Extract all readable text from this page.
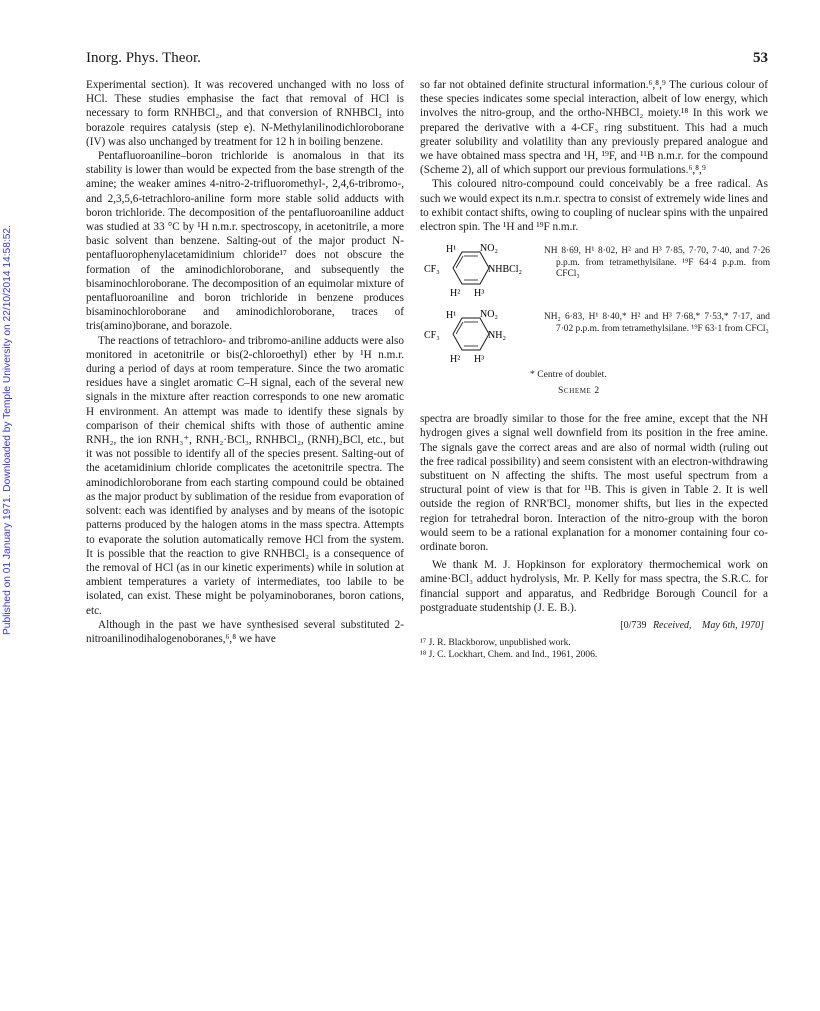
Published on 01 January 1971. Downloaded by Temple University on 22/10/2014 14:58:52.
Inorg. Phys. Theor.	53

Experimental section). It was recovered unchanged with no loss of HCl. These studies emphasise the fact that removal of HCl is necessary to form RNHBCl₂, and that conversion of RNHBCl₂ into borazole requires catalysis (step e). N-Methylanilinodichloroborane (IV) was also unchanged by treatment for 12 h in boiling benzene.

Pentafluoroaniline–boron trichloride is anomalous in that its stability is lower than would be expected from the base strength of the amine; the weaker amines 4-nitro-2-trifluoromethyl-, 2,4,6-tribromo-, and 2,3,5,6-tetrachloro-aniline form more stable solid adducts with boron trichloride. The decomposition of the pentafluoroaniline adduct was studied at 33 °C by ¹H n.m.r. spectroscopy, in acetonitrile, a more basic solvent than benzene. Salting-out of the major product N-pentafluorophenylacetamidinium chloride¹⁷ does not obscure the formation of the aminodichloroborane, and subsequently the bisaminochloroborane. The decomposition of an equimolar mixture of pentafluoroaniline and boron trichloride in benzene produces bisaminochloroborane and aminodichloroborane, traces of tris(amino)borane, and borazole.

The reactions of tetrachloro- and tribromo-aniline adducts were also monitored in acetonitrile or bis(2-chloroethyl) ether by ¹H n.m.r. during a period of days at room temperature. Since the two aromatic residues have a singlet aromatic C–H signal, each of the several new signals in the mixture after reaction corresponds to one new aromatic H environment. An attempt was made to identify these signals by comparison of their chemical shifts with those of authentic amine RNH₂, the ion RNH₃⁺, RNH₂·BCl₃, RNHBCl₂, (RNH)₂BCl, etc., but it was not possible to identify all of the species present. Salting-out of the acetamidinium chloride complicates the acetonitrile spectra. The aminodichloroborane from each starting compound could be obtained as the major product by sublimation of the residue from evaporation of solvent: each was identified by analyses and by means of the isotopic patterns produced by the halogen atoms in the mass spectra. Attempts to evaporate the solution automatically remove HCl from the system. It is possible that the reaction to give RNHBCl₂ is a consequence of the removal of HCl (as in our kinetic experiments) while in solution at ambient temperatures a variety of intermediates, too labile to be isolated, can exist. These might be polyaminoboranes, boron cations, etc.

Although in the past we have synthesised several substituted 2-nitroanilinodihalogenoboranes,⁶,⁸ we have

so far not obtained definite structural information.⁶,⁸,⁹ The curious colour of these species indicates some special interaction, albeit of low energy, which involves the nitro-group, and the ortho-NHBCl₂ moiety.¹⁸ In this work we prepared the derivative with a 4-CF₃ ring substituent. This had a much greater solubility and volatility than any previously prepared analogue and we have obtained mass spectra and ¹H, ¹⁹F, and ¹¹B n.m.r. for the compound (Scheme 2), all of which support our previous formulations.⁶,⁸,⁹

This coloured nitro-compound could conceivably be a free radical. As such we would expect its n.m.r. spectra to consist of extremely wide lines and to exhibit contact shifts, owing to coupling of nuclear spins with the unpaired electron spin. The ¹H and ¹⁹F n.m.r.

H¹ NO₂
CF₃	NHBCl₂
H² H³
NH 8·69, H¹ 8·02, H² and H³ 7·85, 7·70, 7·40, and 7·26 p.p.m. from tetramethylsilane. ¹⁹F 64·4 p.p.m. from CFCl₃
H¹ NO₂
CF₃	NH₂
H² H³
NH₂ 6·83, H¹ 8·40,* H² and H³ 7·68,* 7·53,* 7·17, and 7·02 p.p.m. from tetramethylsilane. ¹⁹F 63·1 from CFCl₃
* Centre of doublet.
Scheme 2

spectra are broadly similar to those for the free amine, except that the NH hydrogen gives a signal well downfield from its position in the free amine. The signals gave the correct areas and are also of normal width (ruling out the free radical possibility) and seem consistent with an electron-withdrawing substituent on N affecting the shifts. The most useful spectrum from a structural point of view is that for ¹¹B. This is given in Table 2. It is well outside the region of RNR'BCl₂ monomer shifts, but lies in the expected region for tetrahedral boron. Interaction of the nitro-group with the boron would seem to be a rational explanation for a monomer containing four co-ordinate boron.

We thank M. J. Hopkinson for exploratory thermochemical work on amine·BCl₃ adduct hydrolysis, Mr. P. Kelly for mass spectra, the S.R.C. for financial support and apparatus, and Redbridge Borough Council for a postgraduate studentship (J. E. B.).

[0/739 Received, May 6th, 1970]
¹⁷ J. R. Blackborow, unpublished work.
¹⁸ J. C. Lockhart, Chem. and Ind., 1961, 2006.
